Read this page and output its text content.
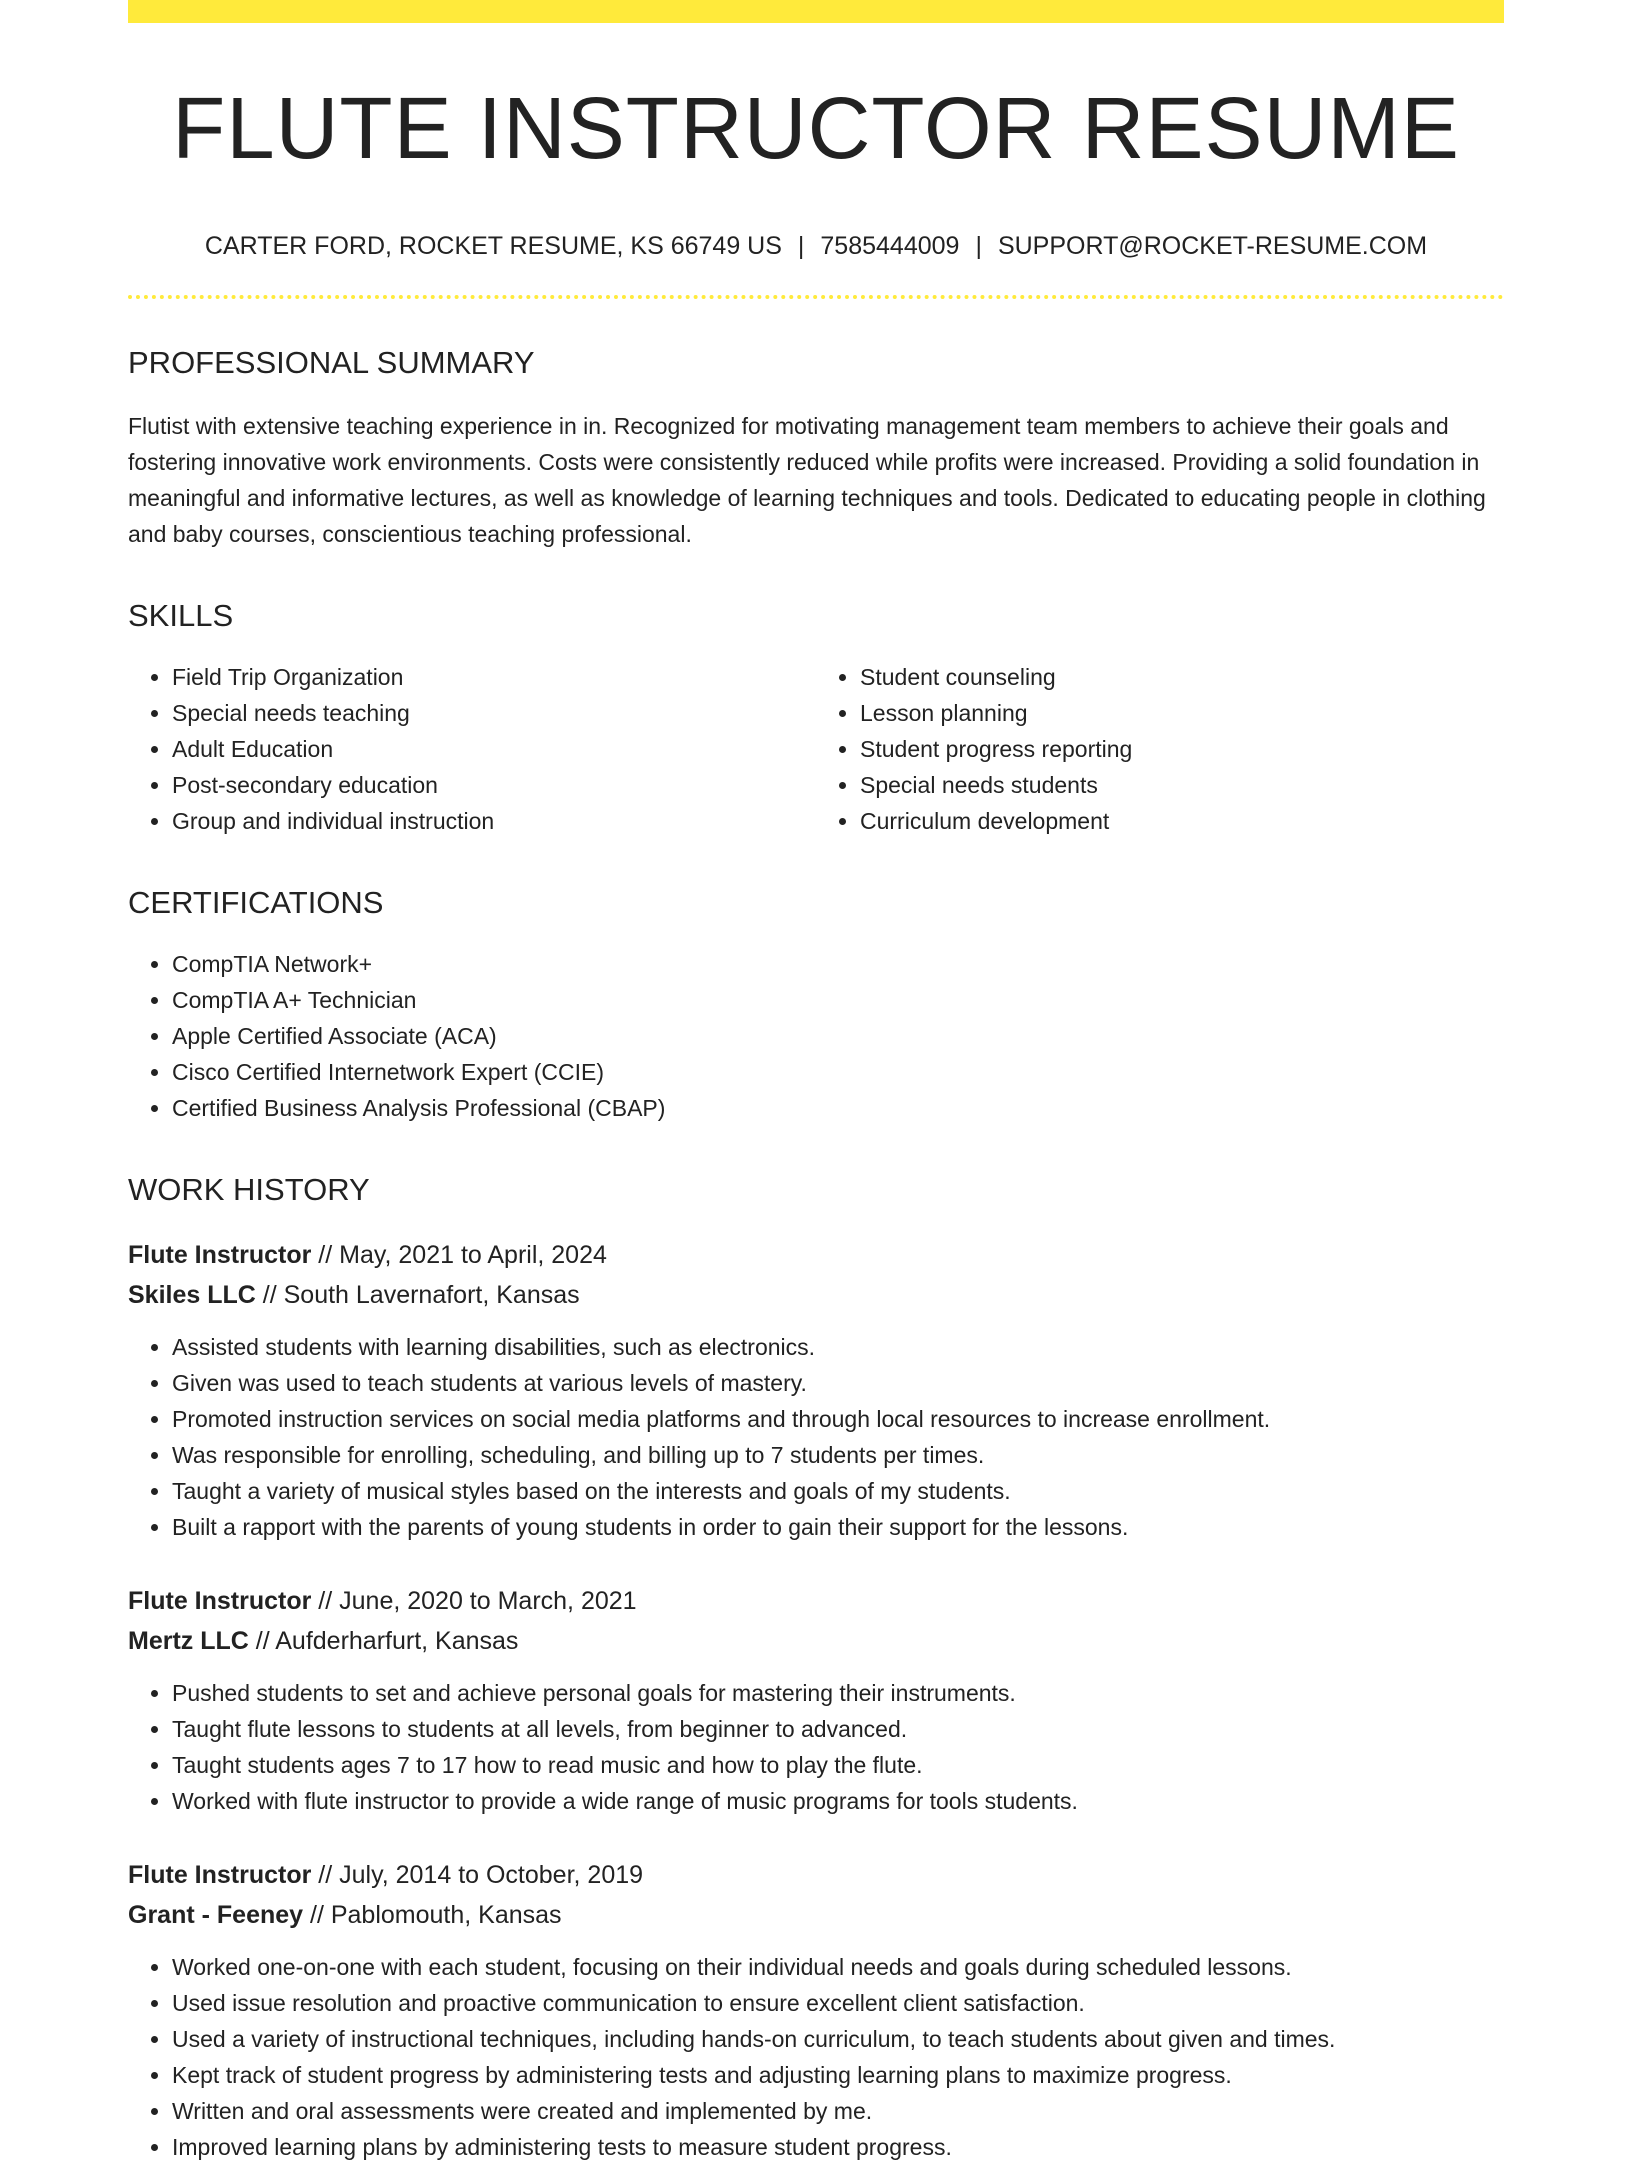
FLUTE INSTRUCTOR RESUME
CARTER FORD, ROCKET RESUME, KS 66749 US | 7585444009 | SUPPORT@ROCKET-RESUME.COM
PROFESSIONAL SUMMARY

Flutist with extensive teaching experience in in. Recognized for motivating management team members to achieve their goals and fostering innovative work environments. Costs were consistently reduced while profits were increased. Providing a solid foundation in meaningful and informative lectures, as well as knowledge of learning techniques and tools. Dedicated to educating people in clothing and baby courses, conscientious teaching professional.

SKILLS
• Field Trip Organization
• Special needs teaching
• Adult Education
• Post-secondary education
• Group and individual instruction
• Student counseling
• Lesson planning
• Student progress reporting
• Special needs students
• Curriculum development
CERTIFICATIONS
• CompTIA Network+
• CompTIA A+ Technician
• Apple Certified Associate (ACA)
• Cisco Certified Internetwork Expert (CCIE)
• Certified Business Analysis Professional (CBAP)
WORK HISTORY
Flute Instructor // May, 2021 to April, 2024
Skiles LLC // South Lavernafort, Kansas
• Assisted students with learning disabilities, such as electronics.
• Given was used to teach students at various levels of mastery.
• Promoted instruction services on social media platforms and through local resources to increase enrollment.
• Was responsible for enrolling, scheduling, and billing up to 7 students per times.
• Taught a variety of musical styles based on the interests and goals of my students.
• Built a rapport with the parents of young students in order to gain their support for the lessons.
Flute Instructor // June, 2020 to March, 2021
Mertz LLC // Aufderharfurt, Kansas
• Pushed students to set and achieve personal goals for mastering their instruments.
• Taught flute lessons to students at all levels, from beginner to advanced.
• Taught students ages 7 to 17 how to read music and how to play the flute.
• Worked with flute instructor to provide a wide range of music programs for tools students.
Flute Instructor // July, 2014 to October, 2019
Grant - Feeney // Pablomouth, Kansas
• Worked one-on-one with each student, focusing on their individual needs and goals during scheduled lessons.
• Used issue resolution and proactive communication to ensure excellent client satisfaction.
• Used a variety of instructional techniques, including hands-on curriculum, to teach students about given and times.
• Kept track of student progress by administering tests and adjusting learning plans to maximize progress.
• Written and oral assessments were created and implemented by me.
• Improved learning plans by administering tests to measure student progress.
